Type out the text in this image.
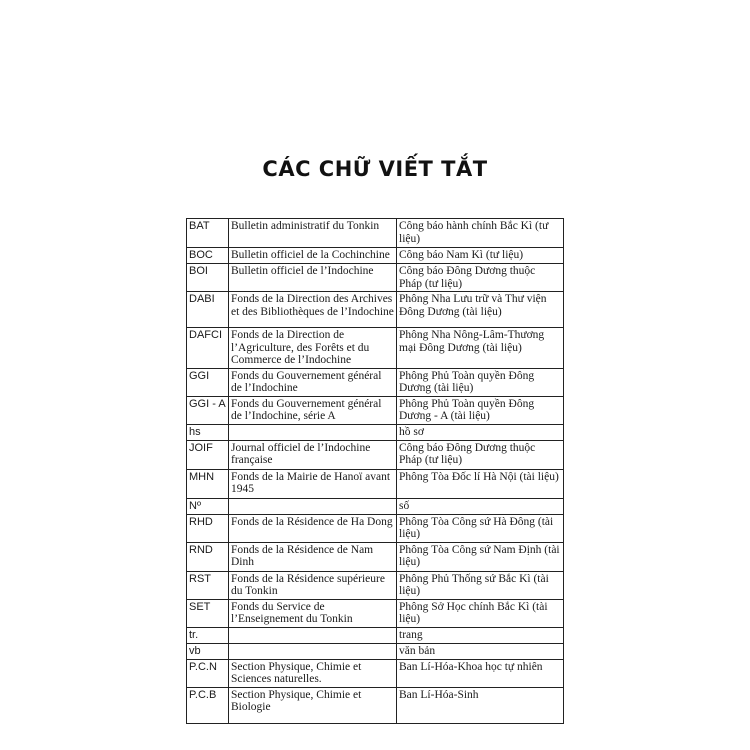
CÁC CHỮ VIẾT TẮT
BAT	Bulletin administratif du Tonkin	Công báo hành chính Bắc Kì (tư liệu)
BOC	Bulletin officiel de la Cochinchine	Công báo Nam Kì (tư liệu)
BOI	Bulletin officiel de l’Indochine	Công báo Đông Dương thuộc Pháp (tư liệu)
DABI	Fonds de la Direction des Archives et des Bibliothèques de l’Indochine	Phông Nha Lưu trữ và Thư viện Đông Dương (tài liệu)
DAFCI	Fonds de la Direction de l’Agriculture, des Forêts et du Commerce de l’Indochine	Phông Nha Nông-Lâm-Thương mại Đông Dương (tài liệu)
GGI	Fonds du Gouvernement général de l’Indochine	Phông Phủ Toàn quyền Đông Dương (tài liệu)
GGI - A	Fonds du Gouvernement général de l’Indochine, série A	Phông Phủ Toàn quyền Đông Dương - A (tài liệu)
hs		hồ sơ
JOIF	Journal officiel de l’Indochine française	Công báo Đông Dương thuộc Pháp (tư liệu)
MHN	Fonds de la Mairie de Hanoï avant 1945	Phông Tòa Đốc lí Hà Nội (tài liệu)
Nº		số
RHD	Fonds de la Résidence de Ha Dong	Phông Tòa Công sứ Hà Đông (tài liệu)
RND	Fonds de la Résidence de Nam Dinh	Phông Tòa Công sứ Nam Định (tài liệu)
RST	Fonds de la Résidence supérieure du Tonkin	Phông Phủ Thống sứ Bắc Kì (tài liệu)
SET	Fonds du Service de l’Enseignement du Tonkin	Phông Sở Học chính Bắc Kì (tài liệu)
tr.		trang
vb		văn bản
P.C.N	Section Physique, Chimie et Sciences naturelles.	Ban Lí-Hóa-Khoa học tự nhiên
P.C.B	Section Physique, Chimie et Biologie	Ban Lí-Hóa-Sinh
